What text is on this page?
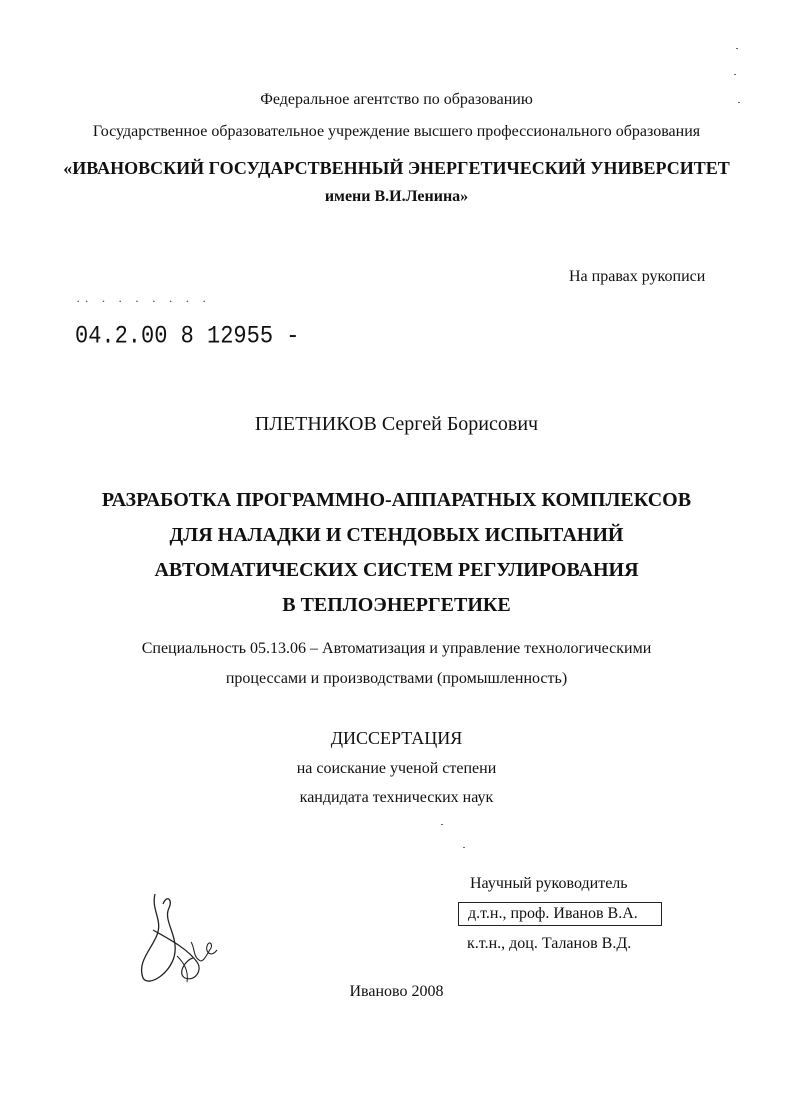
Федеральное агентство по образованию
Государственное образовательное учреждение высшего профессионального образования
«ИВАНОВСКИЙ ГОСУДАРСТВЕННЫЙ ЭНЕРГЕТИЧЕСКИЙ УНИВЕРСИТЕТ
имени В.И.Ленина»
На правах рукописи
˙˙ ˙ ˙ ˙ ˙ ˙ ˙ ˙
04.2.00 8 12955 -
ПЛЕТНИКОВ Сергей Борисович
РАЗРАБОТКА ПРОГРАММНО-АППАРАТНЫХ КОМПЛЕКСОВ
ДЛЯ НАЛАДКИ И СТЕНДОВЫХ ИСПЫТАНИЙ
АВТОМАТИЧЕСКИХ СИСТЕМ РЕГУЛИРОВАНИЯ
В ТЕПЛОЭНЕРГЕТИКЕ
Специальность 05.13.06 – Автоматизация и управление технологическими
процессами и производствами (промышленность)
ДИССЕРТАЦИЯ
на соискание ученой степени
кандидата технических наук
Научный руководитель
д.т.н., проф. Иванов В.А.
к.т.н., доц. Таланов В.Д.
Иваново 2008
